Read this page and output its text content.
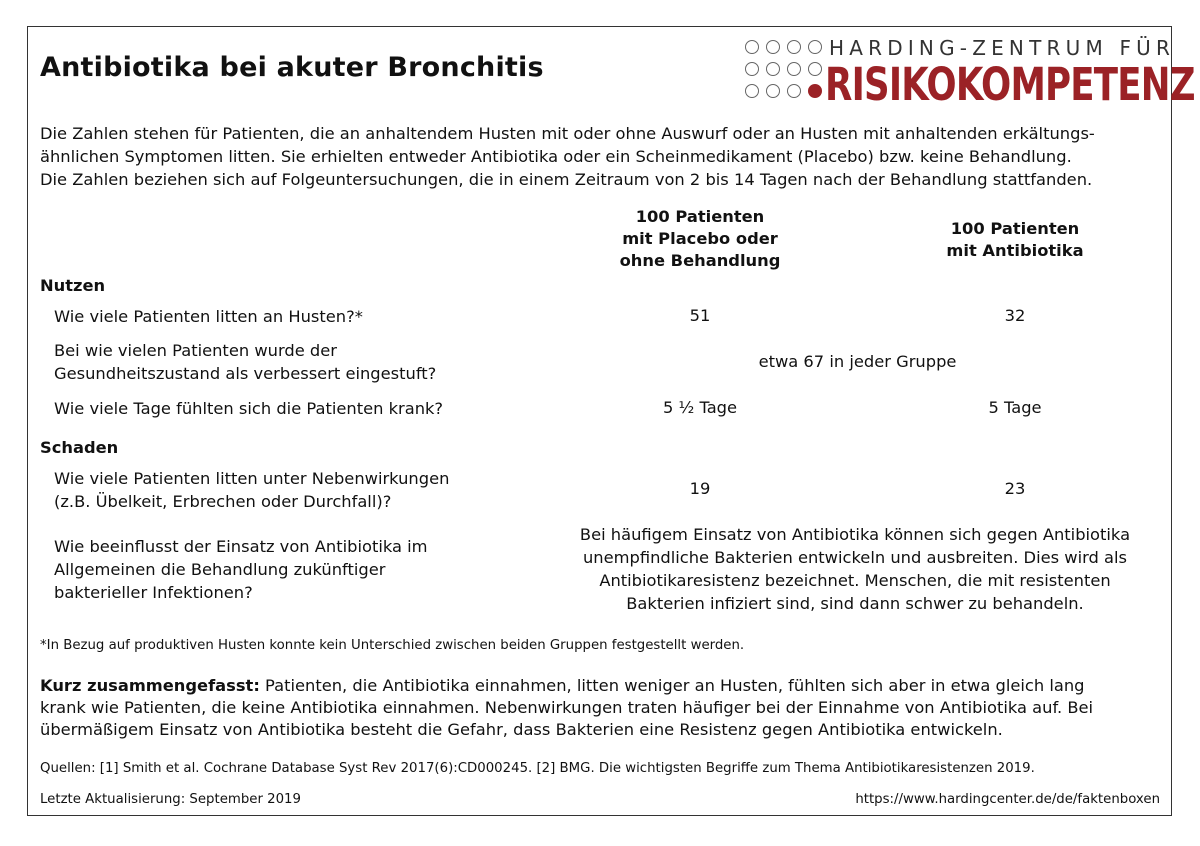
Antibiotika bei akuter Bronchitis
HARDING-ZENTRUM FÜR
RISIKOKOMPETENZ
Die Zahlen stehen für Patienten, die an anhaltendem Husten mit oder ohne Auswurf oder an Husten mit anhaltenden erkältungs-
ähnlichen Symptomen litten. Sie erhielten entweder Antibiotika oder ein Scheinmedikament (Placebo) bzw. keine Behandlung.
Die Zahlen beziehen sich auf Folgeuntersuchungen, die in einem Zeitraum von 2 bis 14 Tagen nach der Behandlung stattfanden.
100 Patienten
mit Placebo oder
ohne Behandlung
100 Patienten
mit Antibiotika
Nutzen
Wie viele Patienten litten an Husten?*	51	32
Bei wie vielen Patienten wurde der
Gesundheitszustand als verbessert eingestuft?
etwa 67 in jeder Gruppe
Wie viele Tage fühlten sich die Patienten krank?	5 ½ Tage	5 Tage
Schaden
Wie viele Patienten litten unter Nebenwirkungen
(z.B. Übelkeit, Erbrechen oder Durchfall)?
19	23
Wie beeinflusst der Einsatz von Antibiotika im
Allgemeinen die Behandlung zukünftiger
bakterieller Infektionen?
Bei häufigem Einsatz von Antibiotika können sich gegen Antibiotika
unempfindliche Bakterien entwickeln und ausbreiten. Dies wird als
Antibiotikaresistenz bezeichnet. Menschen, die mit resistenten
Bakterien infiziert sind, sind dann schwer zu behandeln.
*In Bezug auf produktiven Husten konnte kein Unterschied zwischen beiden Gruppen festgestellt werden.
Kurz zusammengefasst: Patienten, die Antibiotika einnahmen, litten weniger an Husten, fühlten sich aber in etwa gleich lang
krank wie Patienten, die keine Antibiotika einnahmen. Nebenwirkungen traten häufiger bei der Einnahme von Antibiotika auf. Bei
übermäßigem Einsatz von Antibiotika besteht die Gefahr, dass Bakterien eine Resistenz gegen Antibiotika entwickeln.
Quellen: [1] Smith et al. Cochrane Database Syst Rev 2017(6):CD000245. [2] BMG. Die wichtigsten Begriffe zum Thema Antibiotikaresistenzen 2019.
Letzte Aktualisierung: September 2019	https://www.hardingcenter.de/de/faktenboxen
